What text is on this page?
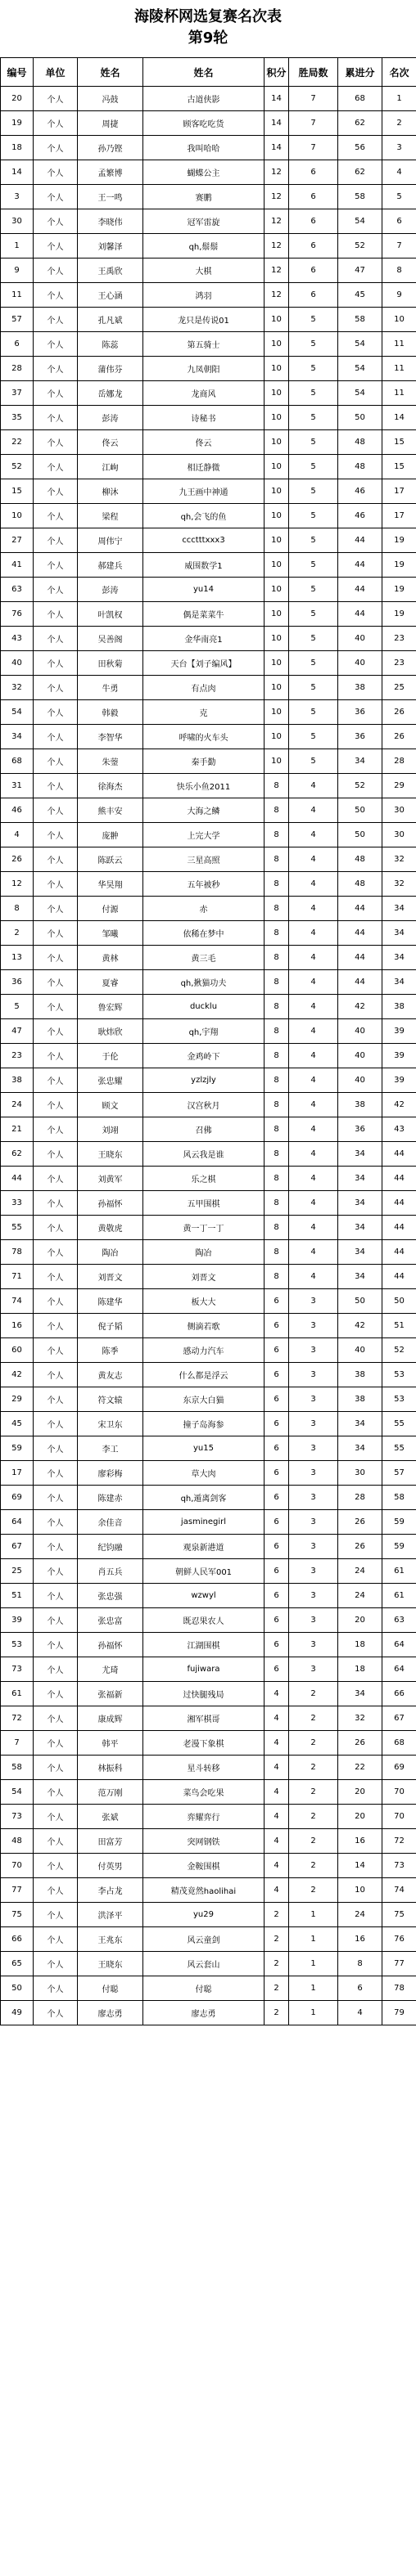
海陵杯网选复赛名次表
第9轮
编号	单位	姓名	姓名	积分	胜局数	累进分	名次
20	个人	冯鼓	古道侠影	14	7	68	1
19	个人	周捷	顾客吃吃货	14	7	62	2
18	个人	孙乃铿	我叫哈哈	14	7	56	3
14	个人	孟繁博	蝴蝶公主	12	6	62	4
3	个人	王一鸣	赛鹏	12	6	58	5
30	个人	李晓伟	冠军雷旋	12	6	54	6
1	个人	刘馨泽	qh,鬃鬃	12	6	52	7
9	个人	王禹欣	大棋	12	6	47	8
11	个人	王心涵	鸿羽	12	6	45	9
57	个人	孔凡斌	龙只是传说01	10	5	58	10
6	个人	陈蕊	第五骑士	10	5	54	11
28	个人	蒲伟芬	九凤朝阳	10	5	54	11
37	个人	岳娜龙	龙商风	10	5	54	11
35	个人	彭涛	诗秘书	10	5	50	14
22	个人	佟云	佟云	10	5	48	15
52	个人	江峋	相迁静微	10	5	48	15
15	个人	柳沐	九王画中神通	10	5	46	17
10	个人	梁程	qh,会飞的鱼	10	5	46	17
27	个人	周伟宁	ccctttxxx3	10	5	44	19
41	个人	郝建兵	威围数学1	10	5	44	19
63	个人	彭涛	yu14	10	5	44	19
76	个人	叶凯权	偶是菜菜牛	10	5	44	19
43	个人	吴善阁	金华南亮1	10	5	40	23
40	个人	田秋菊	天台【刘子编风】	10	5	40	23
32	个人	牛勇	有点肉	10	5	38	25
54	个人	韩毅	克	10	5	36	26
34	个人	李智华	呼啸的火车头	10	5	36	26
68	个人	朱蓥	秦手勤	10	5	34	28
31	个人	徐海杰	快乐小鱼2011	8	4	52	29
46	个人	熊丰安	大海之鳞	8	4	50	30
4	个人	庞翀	上完大学	8	4	50	30
26	个人	陈跃云	三星高照	8	4	48	32
12	个人	华昊翔	五年被秒	8	4	48	32
8	个人	付源	赤	8	4	44	34
2	个人	邹曦	依稀在梦中	8	4	44	34
13	个人	黄林	黄三毛	8	4	44	34
36	个人	夏睿	qh,揪猫功夫	8	4	44	34
5	个人	鲁宏辉	ducklu	8	4	42	38
47	个人	耿炜欣	qh,宇翔	8	4	40	39
23	个人	于伦	金鸡岭下	8	4	40	39
38	个人	张忠耀	yzlzjly	8	4	40	39
24	个人	顾文	汉宫秋月	8	4	38	42
21	个人	刘翊	召佛	8	4	36	43
62	个人	王晓东	风云我是谁	8	4	34	44
44	个人	刘黄军	乐之棋	8	4	34	44
33	个人	孙福怀	五甲围棋	8	4	34	44
55	个人	黄敬虎	黄一丁一丁	8	4	34	44
78	个人	陶冶	陶冶	8	4	34	44
71	个人	刘晋文	刘晋文	8	4	34	44
74	个人	陈建华	板大大	6	3	50	50
16	个人	倪子韬	侧滴若歌	6	3	42	51
60	个人	陈季	感动力汽车	6	3	40	52
42	个人	黄友志	什么都是浮云	6	3	38	53
29	个人	符文辕	东京大白猫	6	3	38	53
45	个人	宋卫东	撞子岛海参	6	3	34	55
59	个人	李工	yu15	6	3	34	55
17	个人	廖彩梅	草大肉	6	3	30	57
69	个人	陈建赤	qh,遁离剑客	6	3	28	58
64	个人	余佳音	jasminegirl	6	3	26	59
67	个人	纪钧融	观泉新港道	6	3	26	59
25	个人	肖五兵	朝鲜人民军001	6	3	24	61
51	个人	张忠强	wzwyl	6	3	24	61
39	个人	张忠富	既忍果农人	6	3	20	63
53	个人	孙福怀	江湖围棋	6	3	18	64
73	个人	尤琦	fujiwara	6	3	18	64
61	个人	张福新	过快腿残局	4	2	34	66
72	个人	康成辉	湘军棋哥	4	2	32	67
7	个人	韩平	老漫下象棋	4	2	26	68
58	个人	林振科	星斗转移	4	2	22	69
54	个人	范万刚	菜鸟会吃果	4	2	20	70
73	个人	张斌	弈耀弈行	4	2	20	70
48	个人	田富芳	突网钢铁	4	2	16	72
70	个人	付英男	金鞍围棋	4	2	14	73
77	个人	李占龙	精茂竟然haolihai	4	2	10	74
75	个人	洪泽平	yu29	2	1	24	75
66	个人	王兆东	风云童剑	2	1	16	76
65	个人	王晓东	风云套山	2	1	8	77
50	个人	付聪	付聪	2	1	6	78
49	个人	廖志勇	廖志勇	2	1	4	79
